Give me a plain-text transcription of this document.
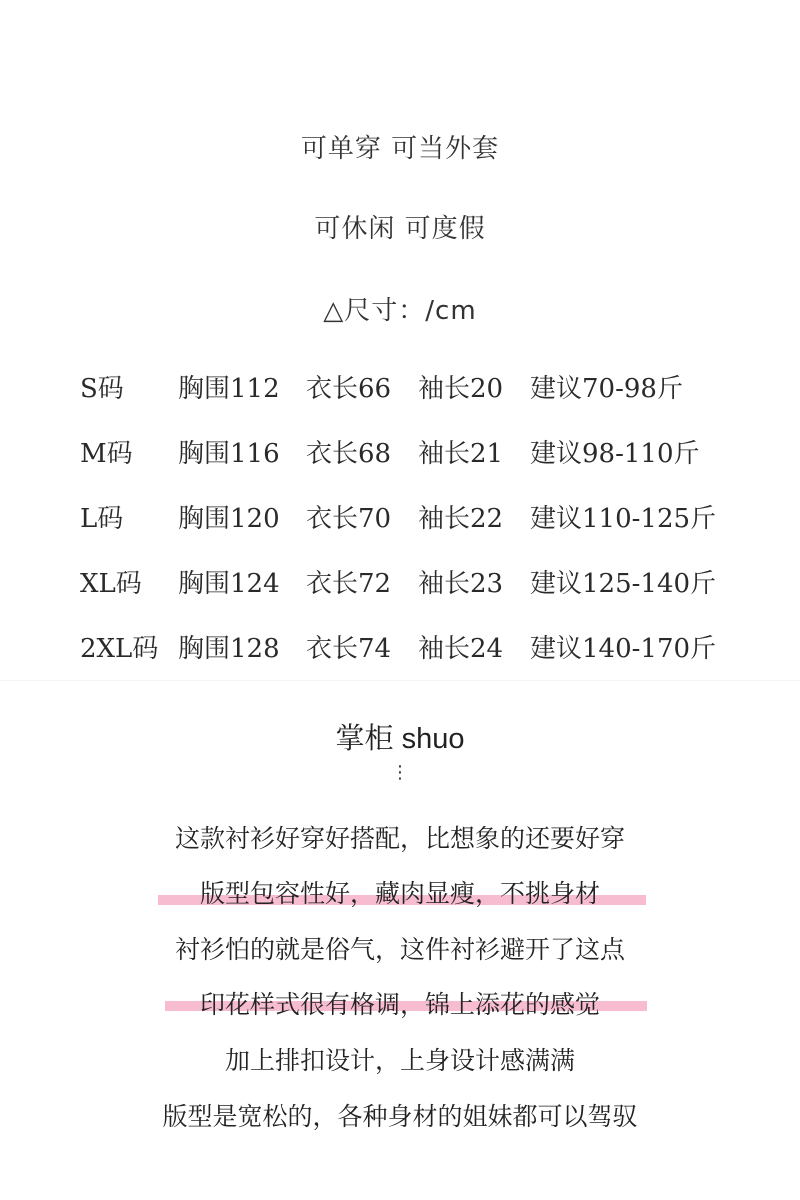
可单穿 可当外套
可休闲 可度假
△尺寸：/cm
S码 胸围112 衣长66 袖长20 建议70-98斤
M码 胸围116 衣长68 袖长21 建议98-110斤
L码 胸围120 衣长70 袖长22 建议110-125斤
XL码 胸围124 衣长72 袖长23 建议125-140斤
2XL码 胸围128 衣长74 袖长24 建议140-170斤
掌柜 shuo
⋮
这款衬衫好穿好搭配，比想象的还要好穿
版型包容性好，藏肉显瘦，不挑身材
衬衫怕的就是俗气，这件衬衫避开了这点
印花样式很有格调，锦上添花的感觉
加上排扣设计，上身设计感满满
版型是宽松的，各种身材的姐妹都可以驾驭
